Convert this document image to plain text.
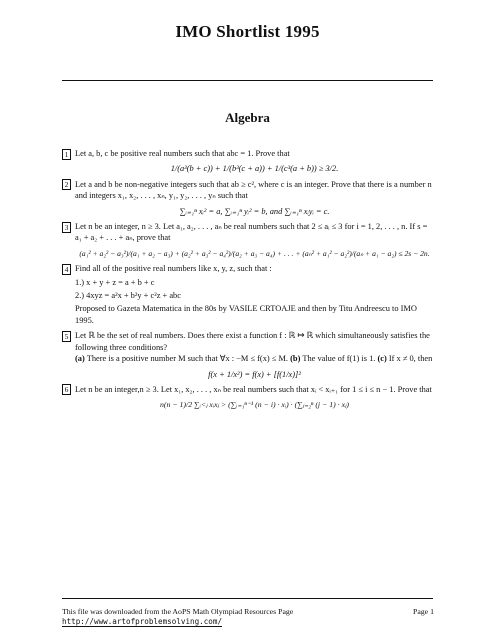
IMO Shortlist 1995
Algebra
1 Let a, b, c be positive real numbers such that abc = 1. Prove that
1/(a³(b + c)) + 1/(b³(c + a)) + 1/(c³(a + b)) ≥ 3/2.
2 Let a and b be non-negative integers such that ab ≥ c², where c is an integer. Prove that there is a number n and integers x₁, x₂, . . . , xₙ, y₁, y₂, . . . , yₙ such that
∑ᵢ₌₁ⁿ xᵢ² = a, ∑ᵢ₌₁ⁿ yᵢ² = b, and ∑ᵢ₌₁ⁿ xᵢyᵢ = c.
3 Let n be an integer, n ≥ 3. Let a₁, a₂, . . . , aₙ be real numbers such that 2 ≤ aᵢ ≤ 3 for i = 1, 2, . . . , n. If s = a₁ + a₂ + . . . + aₙ, prove that
(a₁² + a₂² − a₃²)/(a₁ + a₂ − a₃) + (a₂² + a₃² − a₄²)/(a₂ + a₃ − a₄) + . . . + (aₙ² + a₁² − a₂²)/(aₙ + a₁ − a₂) ≤ 2s − 2n.
4 Find all of the positive real numbers like x, y, z, such that :
1.) x + y + z = a + b + c
2.) 4xyz = a²x + b²y + c²z + abc
Proposed to Gazeta Matematica in the 80s by VASILE CRTOAJE and then by Titu Andreescu to IMO 1995.
5 Let ℝ be the set of real numbers. Does there exist a function f : ℝ ↦ ℝ which simultaneously satisfies the following three conditions?
(a) There is a positive number M such that ∀x : −M ≤ f(x) ≤ M. (b) The value of f(1) is 1. (c) If x ≠ 0, then
f(x + 1/x²) = f(x) + [f(1/x)]²
6 Let n be an integer,n ≥ 3. Let x₁, x₂, . . . , xₙ be real numbers such that xᵢ < xᵢ₊₁ for 1 ≤ i ≤ n − 1. Prove that
n(n − 1)/2 ∑ᵢ<ⱼ xᵢxⱼ > (∑ᵢ₌₁ⁿ⁻¹ (n − i) · xᵢ) · (∑ⱼ₌₂ⁿ (j − 1) · xⱼ)
This file was downloaded from the AoPS Math Olympiad Resources Page	Page 1
http://www.artofproblemsolving.com/
